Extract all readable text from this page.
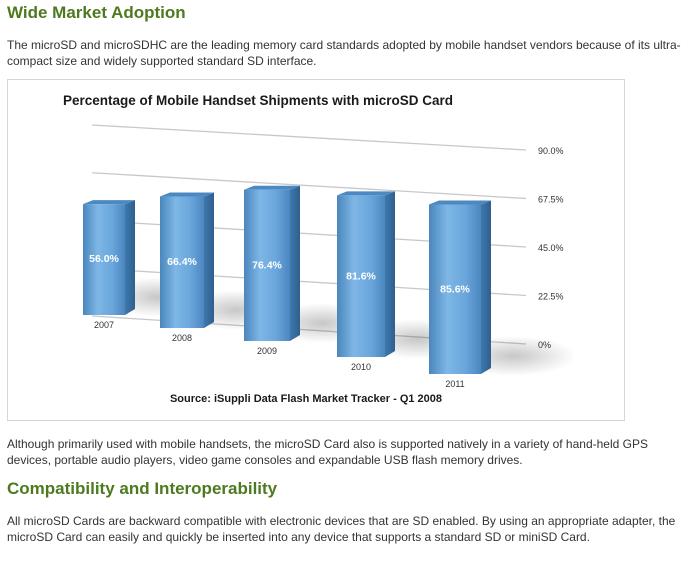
Wide Market Adoption

The microSD and microSDHC are the leading memory card standards adopted by mobile handset vendors because of its ultra-compact size and widely supported standard SD interface.

Percentage of Mobile Handset Shipments with microSD Card
22.5%
45.0%
67.5%
90.0%
56.0%
2007
66.4%
2008
76.4%
2009
81.6%
2010
85.6%
2011
Source: iSuppli Data Flash Market Tracker - Q1 2008

Although primarily used with mobile handsets, the microSD Card also is supported natively in a variety of hand-held GPS devices, portable audio players, video game consoles and expandable USB flash memory drives.

Compatibility and Interoperability

All microSD Cards are backward compatible with electronic devices that are SD enabled. By using an appropriate adapter, the microSD Card can easily and quickly be inserted into any device that supports a standard SD or miniSD Card.
